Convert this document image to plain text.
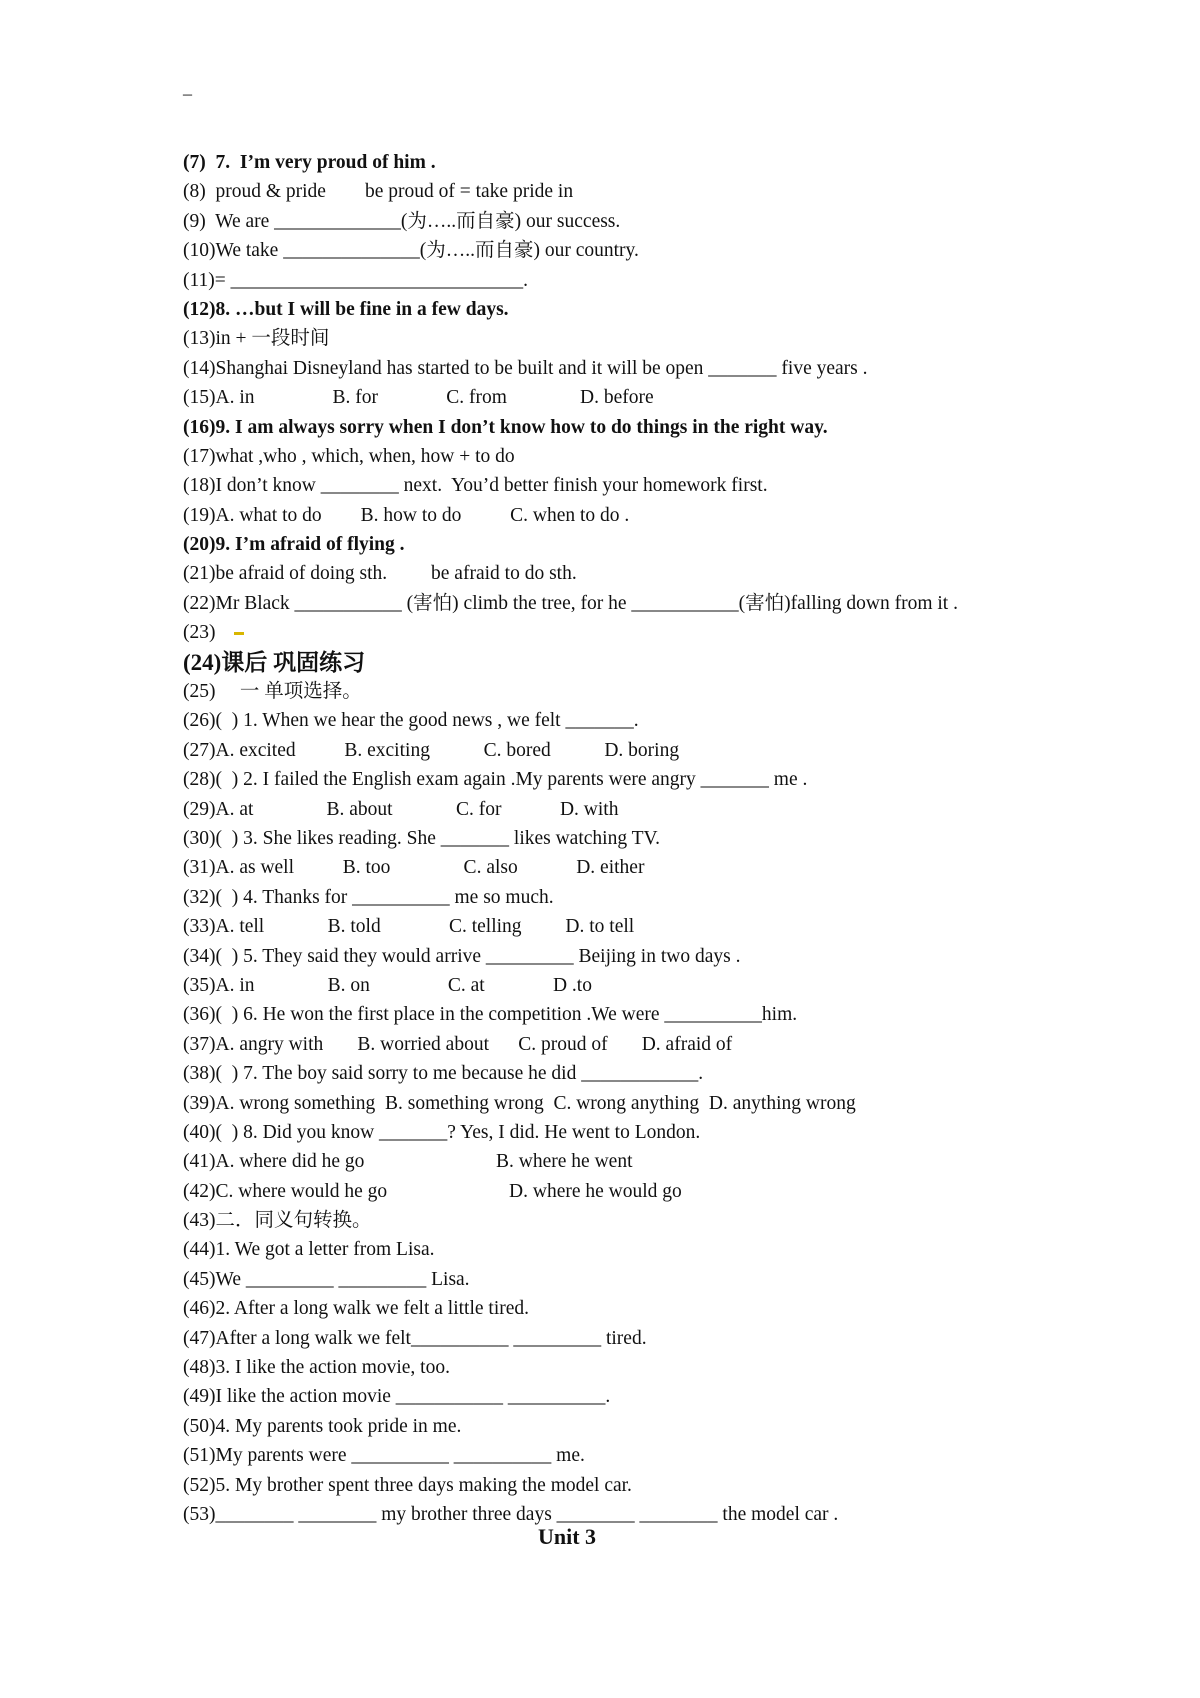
_
(7)  7.  I’m very proud of him .
(8)  proud & pride        be proud of = take pride in
(9)  We are _____________(为…..而自豪) our success.
(10)We take ______________(为…..而自豪) our country.
(11)= ______________________________.
(12)8. …but I will be fine in a few days.
(13)in + 一段时间
(14)Shanghai Disneyland has started to be built and it will be open _______ five years .
(15)A. in                B. for              C. from               D. before
(16)9. I am always sorry when I don’t know how to do things in the right way.
(17)what ,who , which, when, how + to do
(18)I don’t know ________ next.  You’d better finish your homework first.
(19)A. what to do        B. how to do          C. when to do .
(20)9. I’m afraid of flying .
(21)be afraid of doing sth.         be afraid to do sth.
(22)Mr Black ___________ (害怕) climb the tree, for he ___________(害怕)falling down from it .
(23)
(24)课后 巩固练习
(25)     一 单项选择。
(26)(  ) 1. When we hear the good news , we felt _______.
(27)A. excited          B. exciting           C. bored           D. boring
(28)(  ) 2. I failed the English exam again .My parents were angry _______ me .
(29)A. at               B. about             C. for            D. with
(30)(  ) 3. She likes reading. She _______ likes watching TV.
(31)A. as well          B. too               C. also            D. either
(32)(  ) 4. Thanks for __________ me so much.
(33)A. tell             B. told              C. telling         D. to tell
(34)(  ) 5. They said they would arrive _________ Beijing in two days .
(35)A. in               B. on                C. at              D .to
(36)(  ) 6. He won the first place in the competition .We were __________him.
(37)A. angry with       B. worried about      C. proud of       D. afraid of
(38)(  ) 7. The boy said sorry to me because he did ____________.
(39)A. wrong something  B. something wrong  C. wrong anything  D. anything wrong
(40)(  ) 8. Did you know _______? Yes, I did. He went to London.
(41)A. where did he go                           B. where he went
(42)C. where would he go                         D. where he would go
(43)二．同义句转换。
(44)1. We got a letter from Lisa.
(45)We _________ _________ Lisa.
(46)2. After a long walk we felt a little tired.
(47)After a long walk we felt__________ _________ tired.
(48)3. I like the action movie, too.
(49)I like the action movie ___________ __________.
(50)4. My parents took pride in me.
(51)My parents were __________ __________ me.
(52)5. My brother spent three days making the model car.
(53)________ ________ my brother three days ________ ________ the model car .
Unit 3
